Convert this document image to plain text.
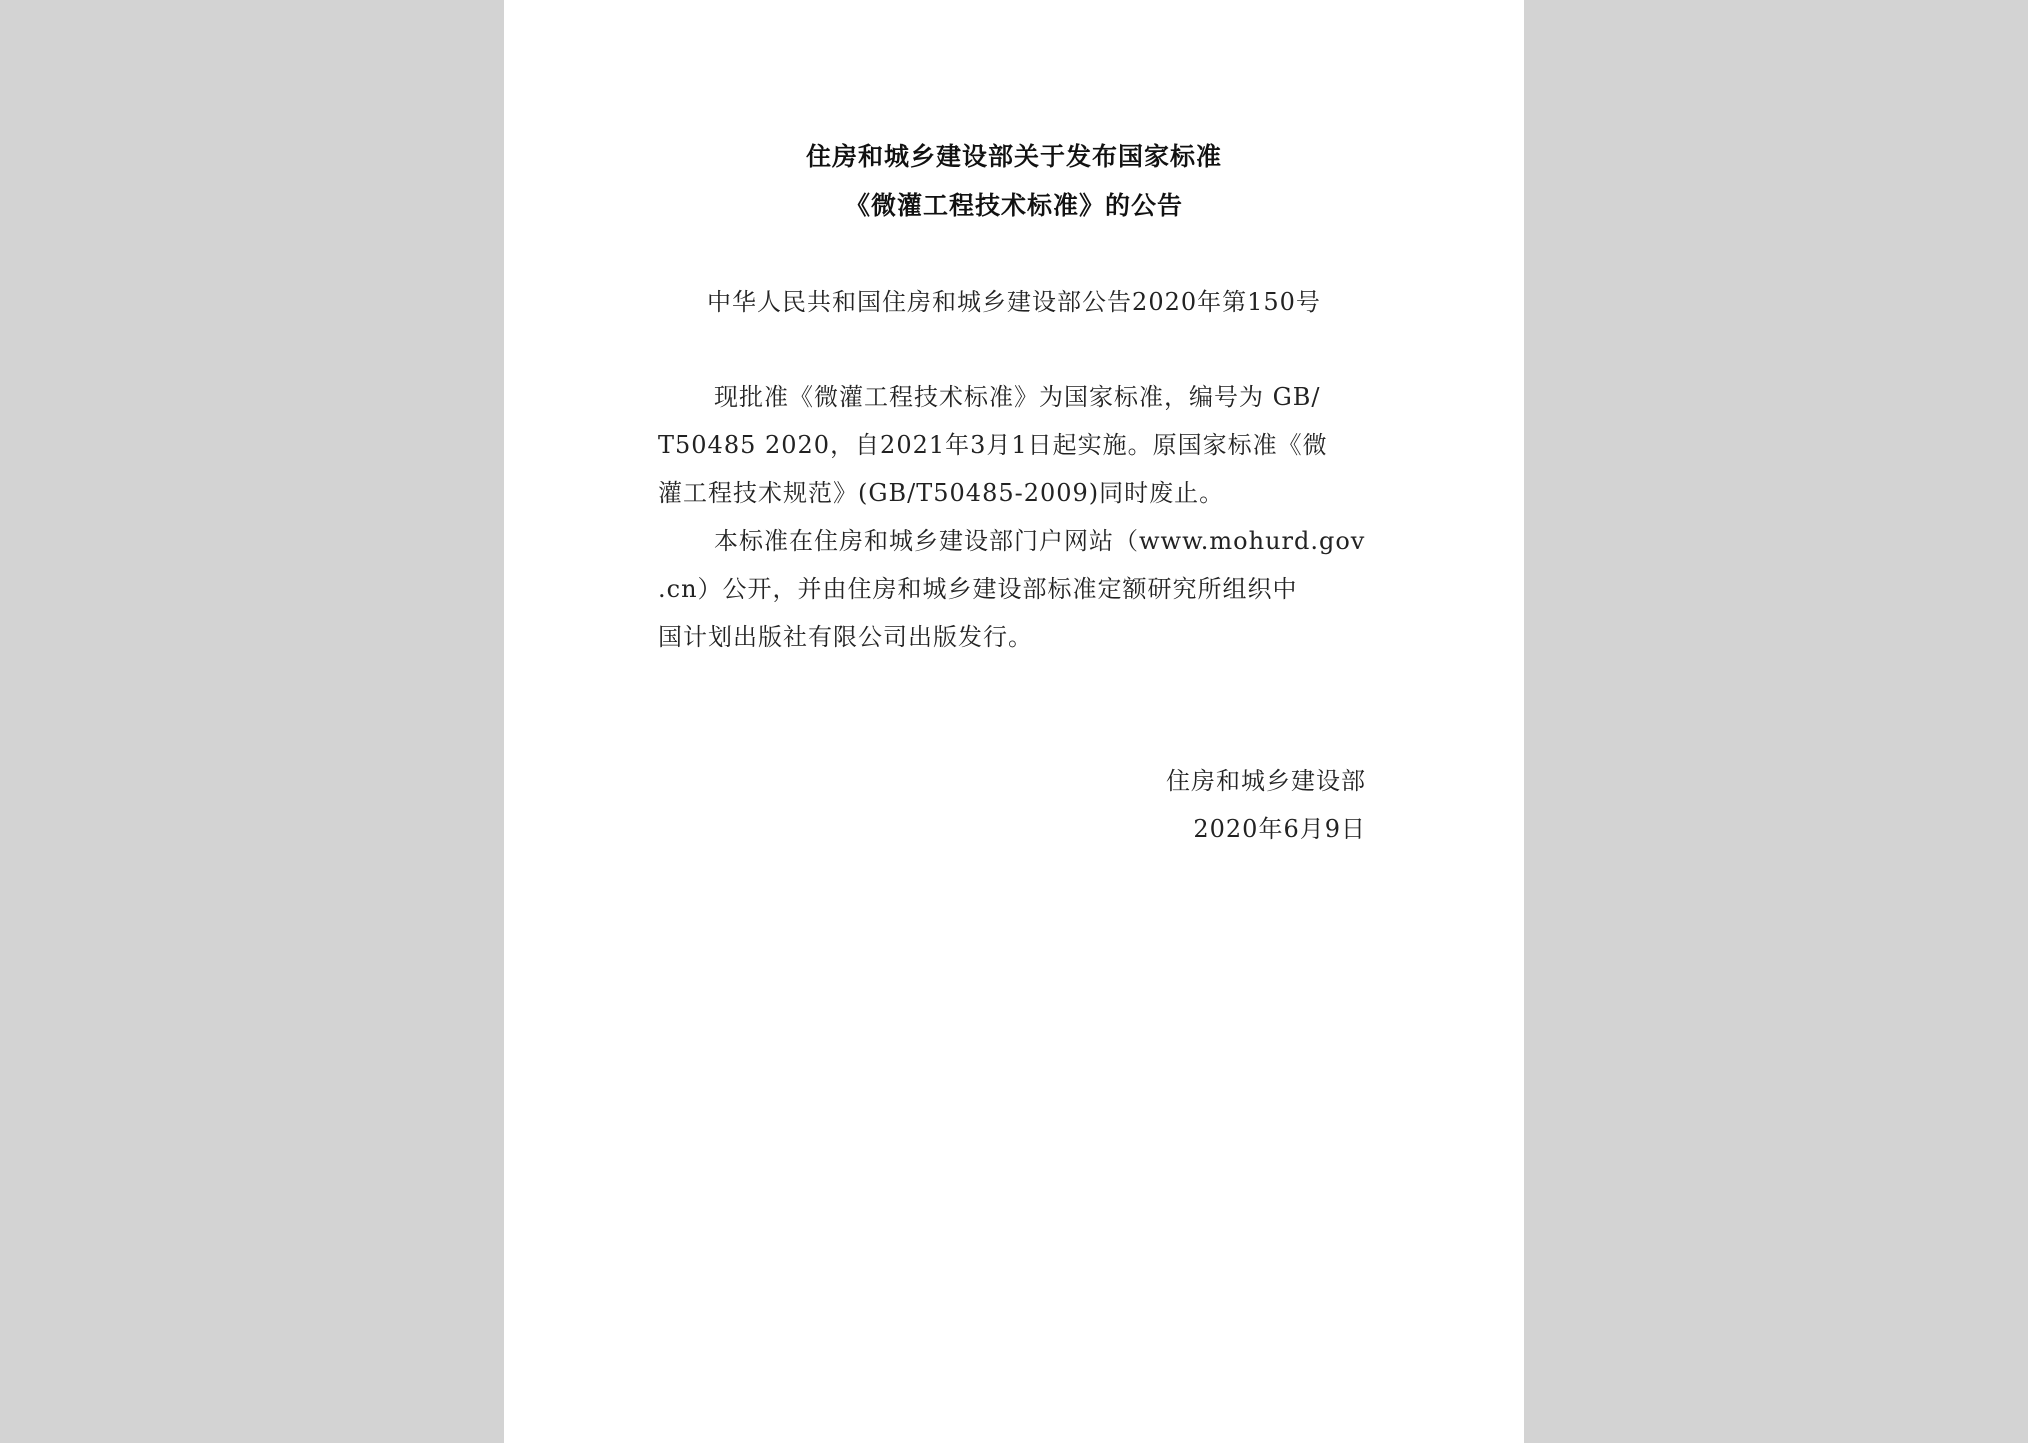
住房和城乡建设部关于发布国家标准
《微灌工程技术标准》的公告
中华人民共和国住房和城乡建设部公告2020年第150号
现批准《微灌工程技术标准》为国家标准，编号为 GB/
T50485 2020，自2021年3月1日起实施。原国家标准《微
灌工程技术规范》(GB/T50485-2009)同时废止。
本标准在住房和城乡建设部门户网站（www.mohurd.gov
.cn）公开，并由住房和城乡建设部标准定额研究所组织中
国计划出版社有限公司出版发行。
住房和城乡建设部
2020年6月9日
